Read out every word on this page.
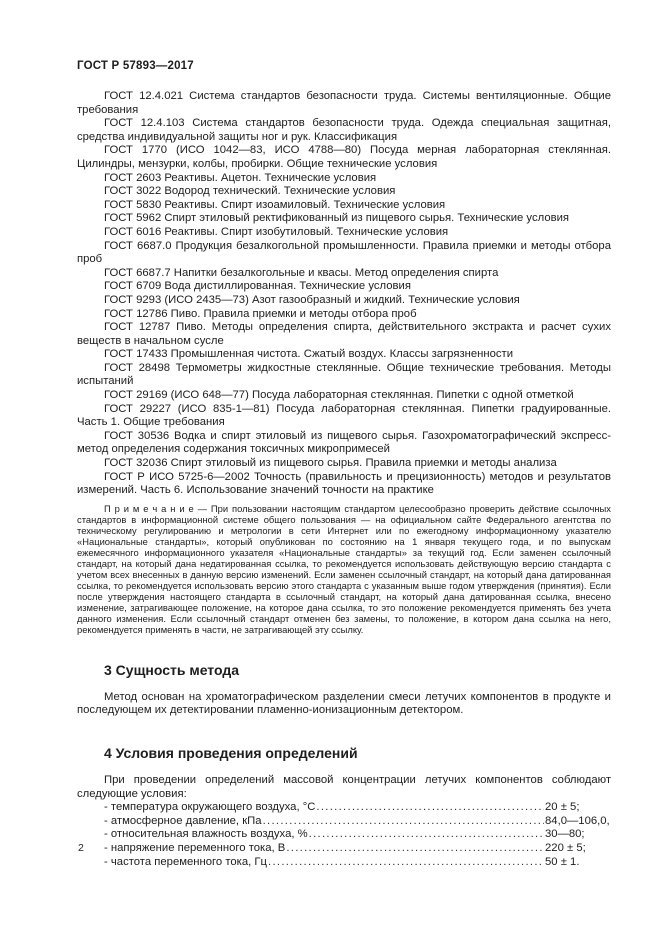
ГОСТ Р 57893—2017

ГОСТ 12.4.021 Система стандартов безопасности труда. Системы вентиляционные. Общие требования

ГОСТ 12.4.103 Система стандартов безопасности труда. Одежда специальная защитная, средства индивидуальной защиты ног и рук. Классификация

ГОСТ 1770 (ИСО 1042—83, ИСО 4788—80) Посуда мерная лабораторная стеклянная. Цилиндры, мензурки, колбы, пробирки. Общие технические условия

ГОСТ 2603 Реактивы. Ацетон. Технические условия

ГОСТ 3022 Водород технический. Технические условия

ГОСТ 5830 Реактивы. Спирт изоамиловый. Технические условия

ГОСТ 5962 Спирт этиловый ректификованный из пищевого сырья. Технические условия

ГОСТ 6016 Реактивы. Спирт изобутиловый. Технические условия

ГОСТ 6687.0 Продукция безалкогольной промышленности. Правила приемки и методы отбора проб

ГОСТ 6687.7 Напитки безалкогольные и квасы. Метод определения спирта

ГОСТ 6709 Вода дистиллированная. Технические условия

ГОСТ 9293 (ИСО 2435—73) Азот газообразный и жидкий. Технические условия

ГОСТ 12786 Пиво. Правила приемки и методы отбора проб

ГОСТ 12787 Пиво. Методы определения спирта, действительного экстракта и расчет сухих веществ в начальном сусле

ГОСТ 17433 Промышленная чистота. Сжатый воздух. Классы загрязненности

ГОСТ 28498 Термометры жидкостные стеклянные. Общие технические требования. Методы испытаний

ГОСТ 29169 (ИСО 648—77) Посуда лабораторная стеклянная. Пипетки с одной отметкой

ГОСТ 29227 (ИСО 835-1—81) Посуда лабораторная стеклянная. Пипетки градуированные. Часть 1. Общие требования

ГОСТ 30536 Водка и спирт этиловый из пищевого сырья. Газохроматографический экспресс-метод определения содержания токсичных микропримесей

ГОСТ 32036 Спирт этиловый из пищевого сырья. Правила приемки и методы анализа

ГОСТ Р ИСО 5725-6—2002 Точность (правильность и прецизионность) методов и результатов измерений. Часть 6. Использование значений точности на практике

П р и м е ч а н и е — При пользовании настоящим стандартом целесообразно проверить действие ссылочных стандартов в информационной системе общего пользования — на официальном сайте Федерального агентства по техническому регулированию и метрологии в сети Интернет или по ежегодному информационному указателю «Национальные стандарты», который опубликован по состоянию на 1 января текущего года, и по выпускам ежемесячного информационного указателя «Национальные стандарты» за текущий год. Если заменен ссылочный стандарт, на который дана недатированная ссылка, то рекомендуется использовать действующую версию стандарта с учетом всех внесенных в данную версию изменений. Если заменен ссылочный стандарт, на который дана датированная ссылка, то рекомендуется использовать версию этого стандарта с указанным выше годом утверждения (принятия). Если после утверждения настоящего стандарта в ссылочный стандарт, на который дана датированная ссылка, внесено изменение, затрагивающее положение, на которое дана ссылка, то это положение рекомендуется применять без учета данного изменения. Если ссылочный стандарт отменен без замены, то положение, в котором дана ссылка на него, рекомендуется применять в части, не затрагивающей эту ссылку.

3 Сущность метода

Метод основан на хроматографическом разделении смеси летучих компонентов в продукте и последующем их детектировании пламенно-ионизационным детектором.

4 Условия проведения определений

При проведении определений массовой концентрации летучих компонентов соблюдают следующие условия:

- температура окружающего воздуха, °С .....	20 ± 5;
- атмосферное давление, кПа .....	84,0—106,0,
- относительная влажность воздуха, % .....	30—80;
- напряжение переменного тока, В .....	220 ± 5;
- частота переменного тока, Гц .....	50 ± 1.
2
